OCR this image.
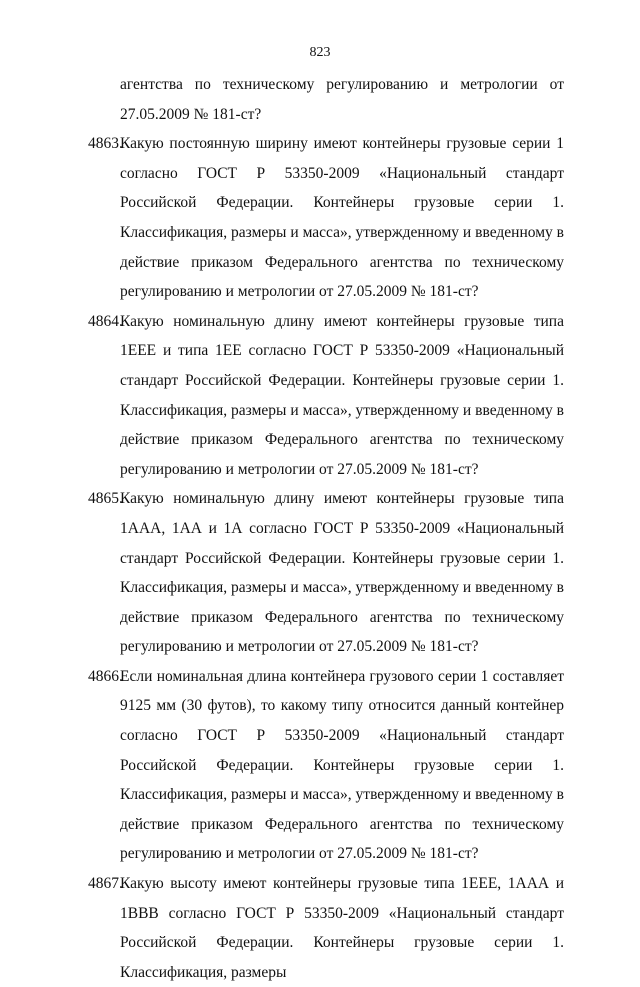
823

агентства по техническому регулированию и метрологии от 27.05.2009 № 181-ст?

4863.Какую постоянную ширину имеют контейнеры грузовые серии 1 согласно ГОСТ Р 53350-2009 «Национальный стандарт Российской Федерации. Контейнеры грузовые серии 1. Классификация, размеры и масса», утвержденному и введенному в действие приказом Федерального агентства по техническому регулированию и метрологии от 27.05.2009 № 181-ст?

4864.Какую номинальную длину имеют контейнеры грузовые типа 1ЕЕЕ и типа 1ЕЕ согласно ГОСТ Р 53350-2009 «Национальный стандарт Российской Федерации. Контейнеры грузовые серии 1. Классификация, размеры и масса», утвержденному и введенному в действие приказом Федерального агентства по техническому регулированию и метрологии от 27.05.2009 № 181-ст?

4865.Какую номинальную длину имеют контейнеры грузовые типа 1ААА, 1АА и 1А согласно ГОСТ Р 53350-2009 «Национальный стандарт Российской Федерации. Контейнеры грузовые серии 1. Классификация, размеры и масса», утвержденному и введенному в действие приказом Федерального агентства по техническому регулированию и метрологии от 27.05.2009 № 181-ст?

4866.Если номинальная длина контейнера грузового серии 1 составляет 9125 мм (30 футов), то какому типу относится данный контейнер согласно ГОСТ Р 53350-2009 «Национальный стандарт Российской Федерации. Контейнеры грузовые серии 1. Классификация, размеры и масса», утвержденному и введенному в действие приказом Федерального агентства по техническому регулированию и метрологии от 27.05.2009 № 181-ст?

4867.Какую высоту имеют контейнеры грузовые типа 1ЕЕЕ, 1ААА и 1ВВВ согласно ГОСТ Р 53350-2009 «Национальный стандарт Российской Федерации. Контейнеры грузовые серии 1. Классификация, размеры
